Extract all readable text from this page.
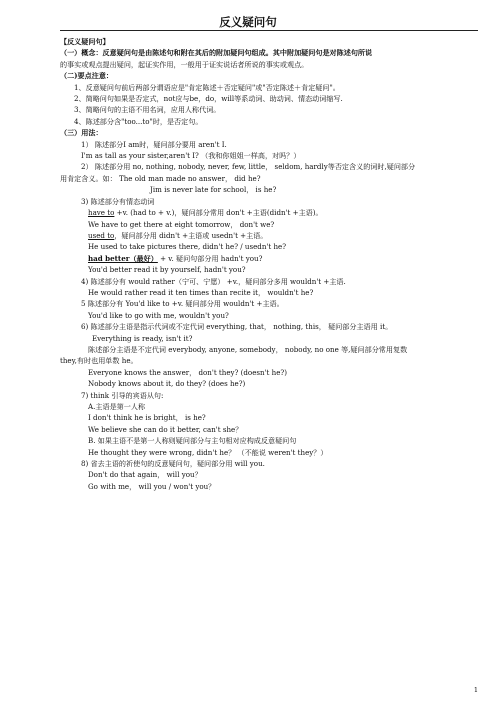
反义疑问句
【反义疑问句】
（一）概念：反意疑问句是由陈述句和附在其后的附加疑问句组成。其中附加疑问句是对陈述句所说
的事实或观点提出疑问，起证实作用，一般用于证实说话者所说的事实或观点。
（二)要点注意：
1、反意疑问句前后两部分谓语应是"肯定陈述＋否定疑问"或"否定陈述＋肯定疑问"。
2、简略问句如果是否定式，not应与be，do，will等系动词、助动词、情态动词缩写.
3、简略问句的主语不用名词，应用人称代词。
4、陈述部分含"too...to"时，是否定句。
（三）用法：
1） 陈述部分I am时，疑问部分要用 aren't I.
I'm as tall as your sister,aren't I? （我和你姐姐一样高，对吗？）
2） 陈述部分用 no, nothing, nobody, never, few, little， seldom, hardly等否定含义的词时,疑问部分
用肯定含义。如： The old man made no answer， did he?
Jim is never late for school， is he?
3) 陈述部分有情态动词
have to +v. (had to + v.)，疑问部分常用 don't +主语(didn't +主语)。
We have to get there at eight tomorrow， don't we?
used to，疑问部分用 didn't +主语或 usedn't +主语。
He used to take pictures there, didn't he? / usedn't he?
had better（最好） + v. 疑问句部分用 hadn't you?
You'd better read it by yourself, hadn't you?
4) 陈述部分有 would rather（宁可、宁愿） +v.，疑问部分多用 wouldn't +主语.
He would rather read it ten times than recite it， wouldn't he?
5 陈述部分有 You'd like to +v. 疑问部分用 wouldn't +主语。
You'd like to go with me, wouldn't you?
6) 陈述部分主语是指示代词或不定代词 everything, that， nothing, this， 疑问部分主语用 it。
Everything is ready, isn't it?
陈述部分主语是不定代词 everybody, anyone, somebody， nobody, no one 等,疑问部分常用复数
they,有时也用单数 he。
Everyone knows the answer， don't they? (doesn't he?)
Nobody knows about it, do they? (does he?)
7) think 引导的宾语从句:
A.主语是第一人称
I don't think he is bright， is he?
We believe she can do it better, can't she？
B. 如果主语不是第一人称则疑问部分与主句相对应构成反意疑问句
He thought they were wrong, didn't he？ （不能说 weren't they？）
8) 省去主语的祈使句的反意疑问句，疑问部分用 will you.
Don't do that again， will you？
Go with me， will you / won't you？
1
